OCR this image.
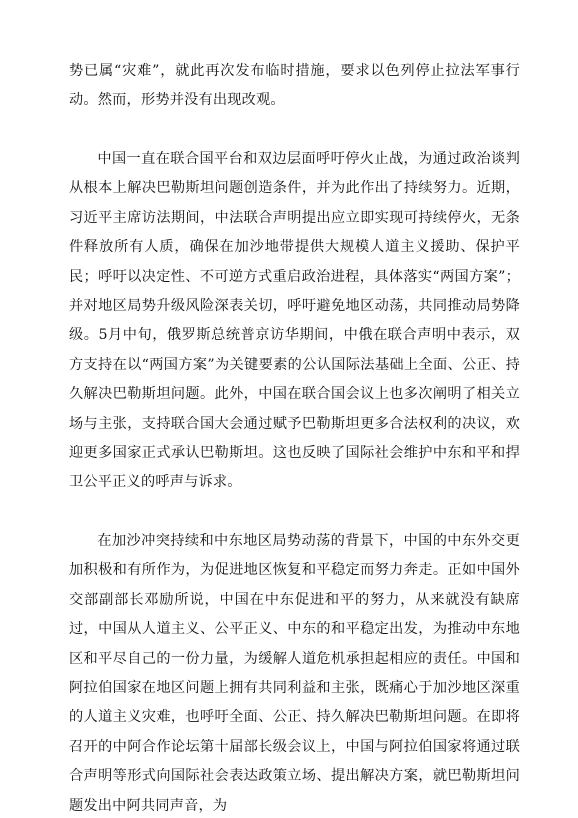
势已属“灾难”，就此再次发布临时措施，要求以色列停止拉法军事行动。然而，形势并没有出现改观。

中国一直在联合国平台和双边层面呼吁停火止战，为通过政治谈判从根本上解决巴勒斯坦问题创造条件，并为此作出了持续努力。近期，习近平主席访法期间，中法联合声明提出应立即实现可持续停火，无条件释放所有人质，确保在加沙地带提供大规模人道主义援助、保护平民；呼吁以决定性、不可逆方式重启政治进程，具体落实“两国方案”；并对地区局势升级风险深表关切，呼吁避免地区动荡，共同推动局势降级。5月中旬，俄罗斯总统普京访华期间，中俄在联合声明中表示，双方支持在以“两国方案”为关键要素的公认国际法基础上全面、公正、持久解决巴勒斯坦问题。此外，中国在联合国会议上也多次阐明了相关立场与主张，支持联合国大会通过赋予巴勒斯坦更多合法权利的决议，欢迎更多国家正式承认巴勒斯坦。这也反映了国际社会维护中东和平和捍卫公平正义的呼声与诉求。

在加沙冲突持续和中东地区局势动荡的背景下，中国的中东外交更加积极和有所作为，为促进地区恢复和平稳定而努力奔走。正如中国外交部副部长邓励所说，中国在中东促进和平的努力，从来就没有缺席过，中国从人道主义、公平正义、中东的和平稳定出发，为推动中东地区和平尽自己的一份力量，为缓解人道危机承担起相应的责任。中国和阿拉伯国家在地区问题上拥有共同利益和主张，既痛心于加沙地区深重的人道主义灾难，也呼吁全面、公正、持久解决巴勒斯坦问题。在即将召开的中阿合作论坛第十届部长级会议上，中国与阿拉伯国家将通过联合声明等形式向国际社会表达政策立场、提出解决方案，就巴勒斯坦问题发出中阿共同声音，为
